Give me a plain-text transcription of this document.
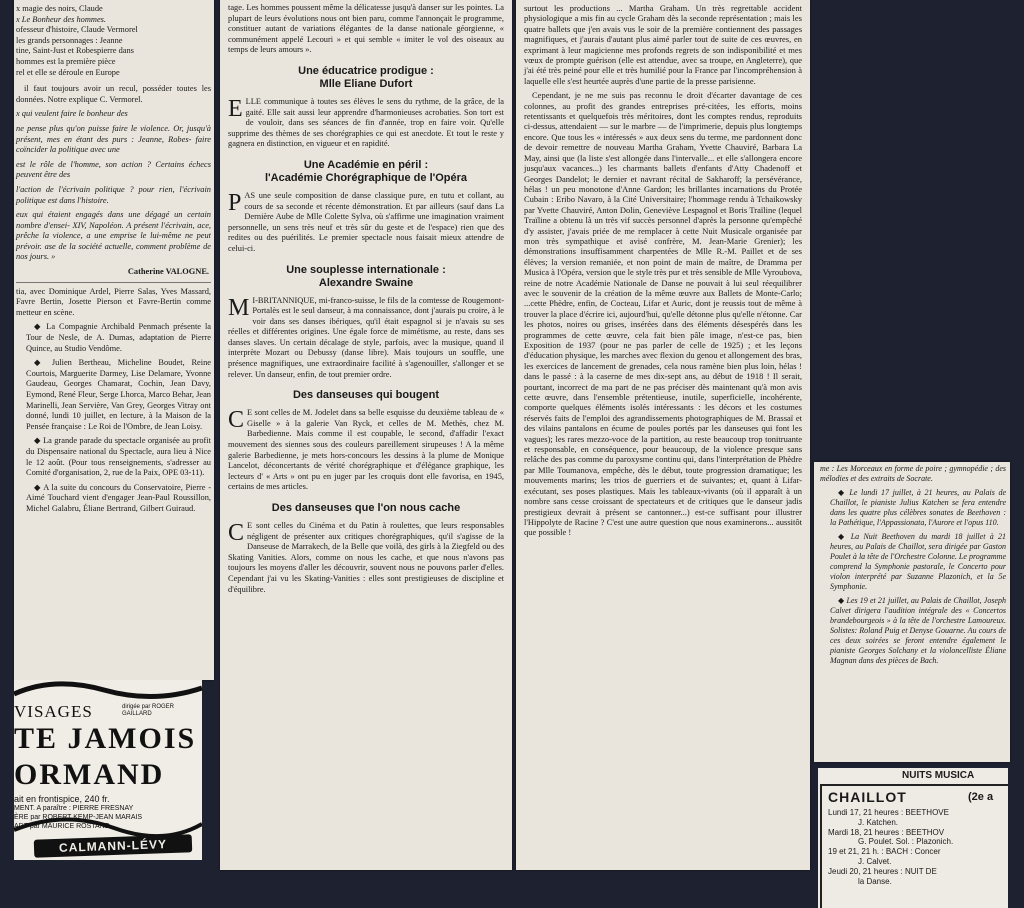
x magie des noirs, Claude
x Le Bonheur des hommes.
ofesseur d'histoire, Claude Vermorel
les grands personnages : Jeanne
tine, Saint-Just et Robespierre dans
hommes est la première pièce
rel et elle se déroule en Europe

il faut toujours avoir un recul, posséder toutes les données. Notre explique C. Vermorel.

x qui veulent faire le bonheur des

ne pense plus qu'on puisse faire le violence. Or, jusqu'à présent, mes en étant des purs : Jeanne, Robes- faire coïncider la politique avec une

est le rôle de l'homme, son action ? Certains échecs peuvent être des

l'action de l'écrivain politique ? pour rien, l'écrivain politique est dans l'histoire.

eux qui étaient engagés dans une dégagé un certain nombre d'ensei- XIV, Napoléon. A présent l'écrivain, ace, prêche la violence, a une emprise le lui-même ne peut prévoir. ase de la société actuelle, comment problème de nos jours. »

Catherine VALOGNE.

tia, avec Dominique Ardel, Pierre Salas, Yves Massard, Favre Bertin, Josette Pierson et Favre-Bertin comme metteur en scène.

◆ La Compagnie Archibald Penmach présente la Tour de Nesle, de A. Dumas, adaptation de Pierre Quince, au Studio Vendôme.

◆ Julien Bertheau, Micheline Boudet, Reine Courtois, Marguerite Darmey, Lise Delamare, Yvonne Gaudeau, Georges Chamarat, Cochin, Jean Davy, Eymond, René Fleur, Serge Lhorca, Marco Behar, Jean Marinelli, Jean Servière, Van Grey, Georges Vitray ont donné, lundi 10 juillet, en lecture, à la Maison de la Pensée française : Le Roi de l'Ombre, de Jean Loisy.

◆ La grande parade du spectacle organisée au profit du Dispensaire national du Spectacle, aura lieu à Nice le 12 août. (Pour tous renseignements, s'adresser au Comité d'organisation, 2, rue de la Paix, OPE 03-11).

◆ A la suite du concours du Conservatoire, Pierre - Aimé Touchard vient d'engager Jean-Paul Roussillon, Michel Galabru, Éliane Bertrand, Gilbert Guiraud.

VISAGES	dirigée par ROGER GAILLARD
TE JAMOIS
ORMAND
ait en frontispice, 240 fr.
MENT. A paraître : PIERRE FRESNAY
ÈRE par ROBERT KEMP-JEAN MARAIS
ADT par MAURICE ROSTAND.
CALMANN-LÉVY

tage. Les hommes poussent même la délicatesse jusqu'à danser sur les pointes. La plupart de leurs évolutions nous ont bien paru, comme l'annonçait le programme, constituer autant de variations élégantes de la danse nationale géorgienne, « communément appelé Lecouri » et qui semble « imiter le vol des oiseaux au temps de leurs amours ».

Une éducatrice prodigue :
Mlle Eliane Dufort

ELLE communique à toutes ses élèves le sens du rythme, de la grâce, de la gaité. Elle sait aussi leur apprendre d'harmonieuses acrobaties. Son tort est de vouloir, dans ses séances de fin d'année, trop en faire voir. Qu'elle supprime des thèmes de ses chorégraphies ce qui est anecdote. Et tout le reste y gagnera en distinction, en vigueur et en rapidité.

Une Académie en péril :
l'Académie Chorégraphique de l'Opéra

PAS une seule composition de danse classique pure, en tutu et collant, au cours de sa seconde et récente démonstration. Et par ailleurs (sauf dans La Dernière Aube de Mlle Colette Sylva, où s'affirme une imagination vraiment personnelle, un sens très neuf et très sûr du geste et de l'espace) rien que des redites ou des puérilités. Le premier spectacle nous faisait mieux attendre de celui-ci.

Une souplesse internationale :
Alexandre Swaine

M I-BRITANNIQUE, mi-franco-suisse, le fils de la comtesse de Rougemont-Portalès est le seul danseur, à ma connaissance, dont j'aurais pu croire, à le voir dans ses danses ibériques, qu'il était espagnol si je n'avais su ses réelles et différentes origines. Une égale force de mimétisme, au reste, dans ses danses slaves. Un certain décalage de style, parfois, avec la musique, quand il interprète Mozart ou Debussy (danse libre). Mais toujours un souffle, une présence magnifiques, une extraordinaire facilité à s'agenouiller, s'allonger et se relever. Un danseur, enfin, de tout premier ordre.

Des danseuses qui bougent

C E sont celles de M. Jodelet dans sa belle esquisse du deuxième tableau de « Giselle » à la galerie Van Ryck, et celles de M. Methès, chez M. Barbedienne. Mais comme il est coupable, le second, d'affadir l'exact mouvement des siennes sous des couleurs pareillement sirupeuses ! A la même galerie Barbedienne, je mets hors-concours les dessins à la plume de Monique Lancelot, déconcertants de vérité chorégraphique et d'élégance graphique, les lecteurs d' « Arts » ont pu en juger par les croquis dont elle favorisa, en 1945, certains de mes articles.

Des danseuses que l'on nous cache

C E sont celles du Cinéma et du Patin à roulettes, que leurs responsables négligent de présenter aux critiques chorégraphiques, qu'il s'agisse de la Danseuse de Marrakech, de la Belle que voilà, des girls à la Ziegfeld ou des Skating Vanities. Alors, comme on nous les cache, et que nous n'avons pas toujours les moyens d'aller les découvrir, souvent nous ne pouvons parler d'elles. Cependant j'ai vu les Skating-Vanities : elles sont prestigieuses de discipline et d'équilibre.

surtout les productions ... Martha Graham. Un très regrettable accident physiologique a mis fin au cycle Graham dès la seconde représentation ; mais les quatre ballets que j'en avais vus le soir de la première contiennent des passages magnifiques, et j'aurais d'autant plus aimé parler tout de suite de ces œuvres, en exprimant à leur magicienne mes profonds regrets de son indisponibilité et mes vœux de prompte guérison (elle est attendue, avec sa troupe, en Angleterre), que j'ai été très peiné pour elle et très humilié pour la France par l'incompréhension à laquelle elle s'est heurtée auprès d'une partie de la presse parisienne.

Cependant, je ne me suis pas reconnu le droit d'écarter davantage de ces colonnes, au profit des grandes entreprises pré-citées, les efforts, moins retentissants et quelquefois très méritoires, dont les comptes rendus, reproduits ci-dessus, attendaient — sur le marbre — de l'imprimerie, depuis plus longtemps encore. Que tous les « intéressés » aux deux sens du terme, me pardonnent donc de devoir remettre de nouveau Martha Graham, Yvette Chauviré, Barbara La May, ainsi que (la liste s'est allongée dans l'intervalle... et elle s'allongera encore jusqu'aux vacances...) les charmants ballets d'enfants d'Atty Chadenoff et Georges Dandelot; le dernier et navrant récital de Sakharoff; la persévérance, hélas ! un peu monotone d'Anne Gardon; les brillantes incarnations du Protée Cubain : Eribo Navaro, à la Cité Universitaire; l'hommage rendu à Tchaikowsky par Yvette Chauviré, Anton Dolin, Geneviève Lespagnol et Boris Traïline (lequel Traïline a obtenu là un très vif succès personnel d'après la personne qu'empêché d'y assister, j'avais priée de me remplacer à cette Nuit Musicale organisée par mon très sympathique et avisé confrère, M. Jean-Marie Grenier); les démonstrations insuffisamment charpentées de Mlle R.-M. Paillet et de ses élèves; la version remaniée, et non point de main de maître, de Dramma per Musica à l'Opéra, version que le style très pur et très sensible de Mlle Vyroubova, reine de notre Académie Nationale de Danse ne pouvait à lui seul réequilibrer avec le souvenir de la création de la même œuvre aux Ballets de Monte-Carlo; ...cette Phèdre, enfin, de Cocteau, Lifar et Auric, dont je reussis tout de même à trouver la place d'écrire ici, aujourd'hui, qu'elle détonne plus qu'elle n'étonne. Car les photos, noires ou grises, insérées dans des éléments désespérés dans les programmes de cette œuvre, cela fait bien pâle image, n'est-ce pas, bien Exposition de 1937 (pour ne pas parler de celle de 1925) ; et les leçons d'éducation physique, les marches avec flexion du genou et allongement des bras, les exercices de lancement de grenades, cela nous ramène bien plus loin, hélas ! dans le passé : à la caserne de mes dix-sept ans, au début de 1918 ! Il serait, pourtant, incorrect de ma part de ne pas préciser dès maintenant qu'à mon avis cette œuvre, dans l'ensemble prétentieuse, inutile, superficielle, incohérente, comporte quelques éléments isolés intéressants : les décors et les costumes réservés faits de l'emploi des agrandissements photographiques de M. Brassaï et des vilains pantalons en écume de poules portés par les danseuses qui font les vagues); les rares mezzo-voce de la partition, au reste beaucoup trop tonitruante et responsable, en conséquence, pour beaucoup, de la violence presque sans relâche des pas comme du paroxysme continu qui, dans l'interprétation de Phèdre par Mlle Toumanova, empêche, dès le début, toute progression dramatique; les mouvements marins; les trios de guerriers et de suivantes; et, quant à Lifar-exécutant, ses poses plastiques. Mais les tableaux-vivants (où il apparaît à un nombre sans cesse croissant de spectateurs et de critiques que le danseur jadis prestigieux devrait à présent se cantonner...) est-ce suffisant pour illustrer l'Hippolyte de Racine ? C'est une autre question que nous examinerons... aussitôt que possible !

me : Les Morceaux en forme de poire ; gymnopédie ; des mélodies et des extraits de Socrate.

◆ Le lundi 17 juillet, à 21 heures, au Palais de Chaillot, le pianiste Julius Katchen se fera entendre dans les quatre plus célèbres sonates de Beethoven : la Pathétique, l'Appassionata, l'Aurore et l'opus 110.

◆ La Nuit Beethoven du mardi 18 juillet à 21 heures, au Palais de Chaillot, sera dirigée par Gaston Poulet à la tête de l'Orchestre Colonne. Le programme comprend la Symphonie pastorale, le Concerto pour violon interprété par Suzanne Plazonich, et la 5e Symphonie.

◆ Les 19 et 21 juillet, au Palais de Chaillot, Joseph Calvet dirigera l'audition intégrale des « Concertos brandebourgeois » à la tête de l'orchestre Lamoureux. Solistes: Roland Puig et Denyse Gouarne. Au cours de ces deux soirées se feront entendre également le pianiste Georges Solchany et la violoncelliste Éliane Magnan dans des pièces de Bach.

NUITS MUSICA
CHAILLOT	(2e a
Lundi 17, 21 heures : BEETHOVE
J. Katchen.
Mardi 18, 21 heures : BEETHOV
G. Poulet. Sol. : Plazonich.
19 et 21, 21 h. : BACH : Concer
J. Calvet.
Jeudi 20, 21 heures : NUIT DE
la Danse.
